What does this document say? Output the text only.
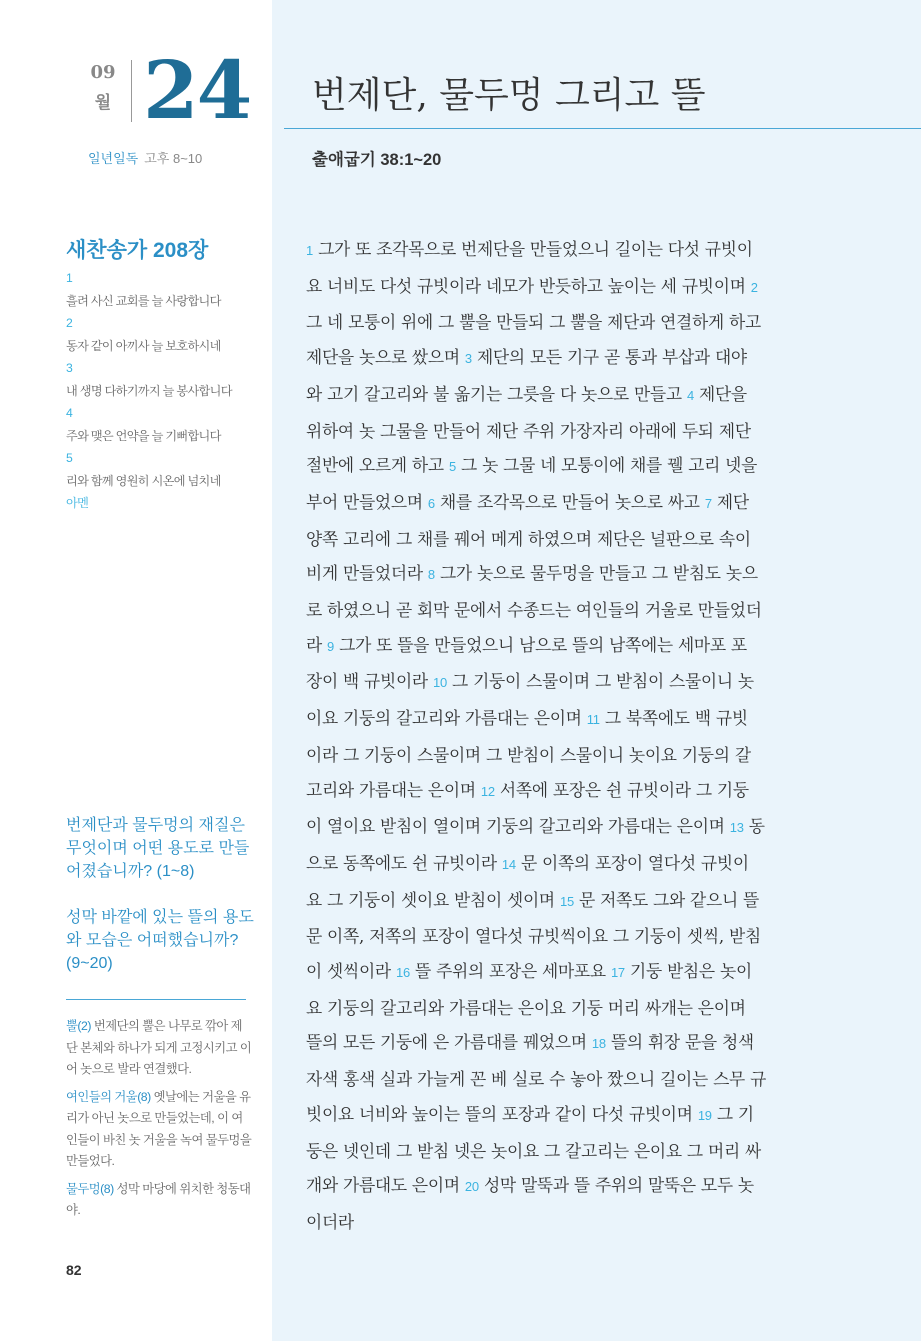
09
월 24
일년일독 고후 8~10
새찬송가 208장
1
흘려 사신 교회를 늘 사랑합니다
2
동자 같이 아끼사 늘 보호하시네
3
내 생명 다하기까지 늘 봉사합니다
4
주와 맺은 언약을 늘 기뻐합니다
5
리와 함께 영원히 시온에 넘치네
아멘
번제단과 물두멍의 재질은 무엇이며 어떤 용도로 만들어졌습니까? (1~8)
성막 바깥에 있는 뜰의 용도와 모습은 어떠했습니까? (9~20)
뿔(2) 번제단의 뿔은 나무로 깎아 제단 본체와 하나가 되게 고정시키고 이어 놋으로 발라 연결했다.
여인들의 거울(8) 옛날에는 거울을 유리가 아닌 놋으로 만들었는데, 이 여인들이 바친 놋 거울을 녹여 물두멍을 만들었다.
물두멍(8) 성막 마당에 위치한 청동대야.
82
번제단, 물두멍 그리고 뜰
출애굽기 38:1~20
1 그가 또 조각목으로 번제단을 만들었으니 길이는 다섯 규빗이
요 너비도 다섯 규빗이라 네모가 반듯하고 높이는 세 규빗이며 2
그 네 모퉁이 위에 그 뿔을 만들되 그 뿔을 제단과 연결하게 하고
제단을 놋으로 쌌으며 3 제단의 모든 기구 곧 통과 부삽과 대야
와 고기 갈고리와 불 옮기는 그릇을 다 놋으로 만들고 4 제단을
위하여 놋 그물을 만들어 제단 주위 가장자리 아래에 두되 제단
절반에 오르게 하고 5 그 놋 그물 네 모퉁이에 채를 꿸 고리 넷을
부어 만들었으며 6 채를 조각목으로 만들어 놋으로 싸고 7 제단
양쪽 고리에 그 채를 꿰어 메게 하였으며 제단은 널판으로 속이
비게 만들었더라 8 그가 놋으로 물두멍을 만들고 그 받침도 놋으
로 하였으니 곧 회막 문에서 수종드는 여인들의 거울로 만들었더
라 9 그가 또 뜰을 만들었으니 남으로 뜰의 남쪽에는 세마포 포
장이 백 규빗이라 10 그 기둥이 스물이며 그 받침이 스물이니 놋
이요 기둥의 갈고리와 가름대는 은이며 11 그 북쪽에도 백 규빗
이라 그 기둥이 스물이며 그 받침이 스물이니 놋이요 기둥의 갈
고리와 가름대는 은이며 12 서쪽에 포장은 쉰 규빗이라 그 기둥
이 열이요 받침이 열이며 기둥의 갈고리와 가름대는 은이며 13 동
으로 동쪽에도 쉰 규빗이라 14 문 이쪽의 포장이 열다섯 규빗이
요 그 기둥이 셋이요 받침이 셋이며 15 문 저쪽도 그와 같으니 뜰
문 이쪽, 저쪽의 포장이 열다섯 규빗씩이요 그 기둥이 셋씩, 받침
이 셋씩이라 16 뜰 주위의 포장은 세마포요 17 기둥 받침은 놋이
요 기둥의 갈고리와 가름대는 은이요 기둥 머리 싸개는 은이며
뜰의 모든 기둥에 은 가름대를 꿰었으며 18 뜰의 휘장 문을 청색
자색 홍색 실과 가늘게 꼰 베 실로 수 놓아 짰으니 길이는 스무 규
빗이요 너비와 높이는 뜰의 포장과 같이 다섯 규빗이며 19 그 기
둥은 넷인데 그 받침 넷은 놋이요 그 갈고리는 은이요 그 머리 싸
개와 가름대도 은이며 20 성막 말뚝과 뜰 주위의 말뚝은 모두 놋
이더라
